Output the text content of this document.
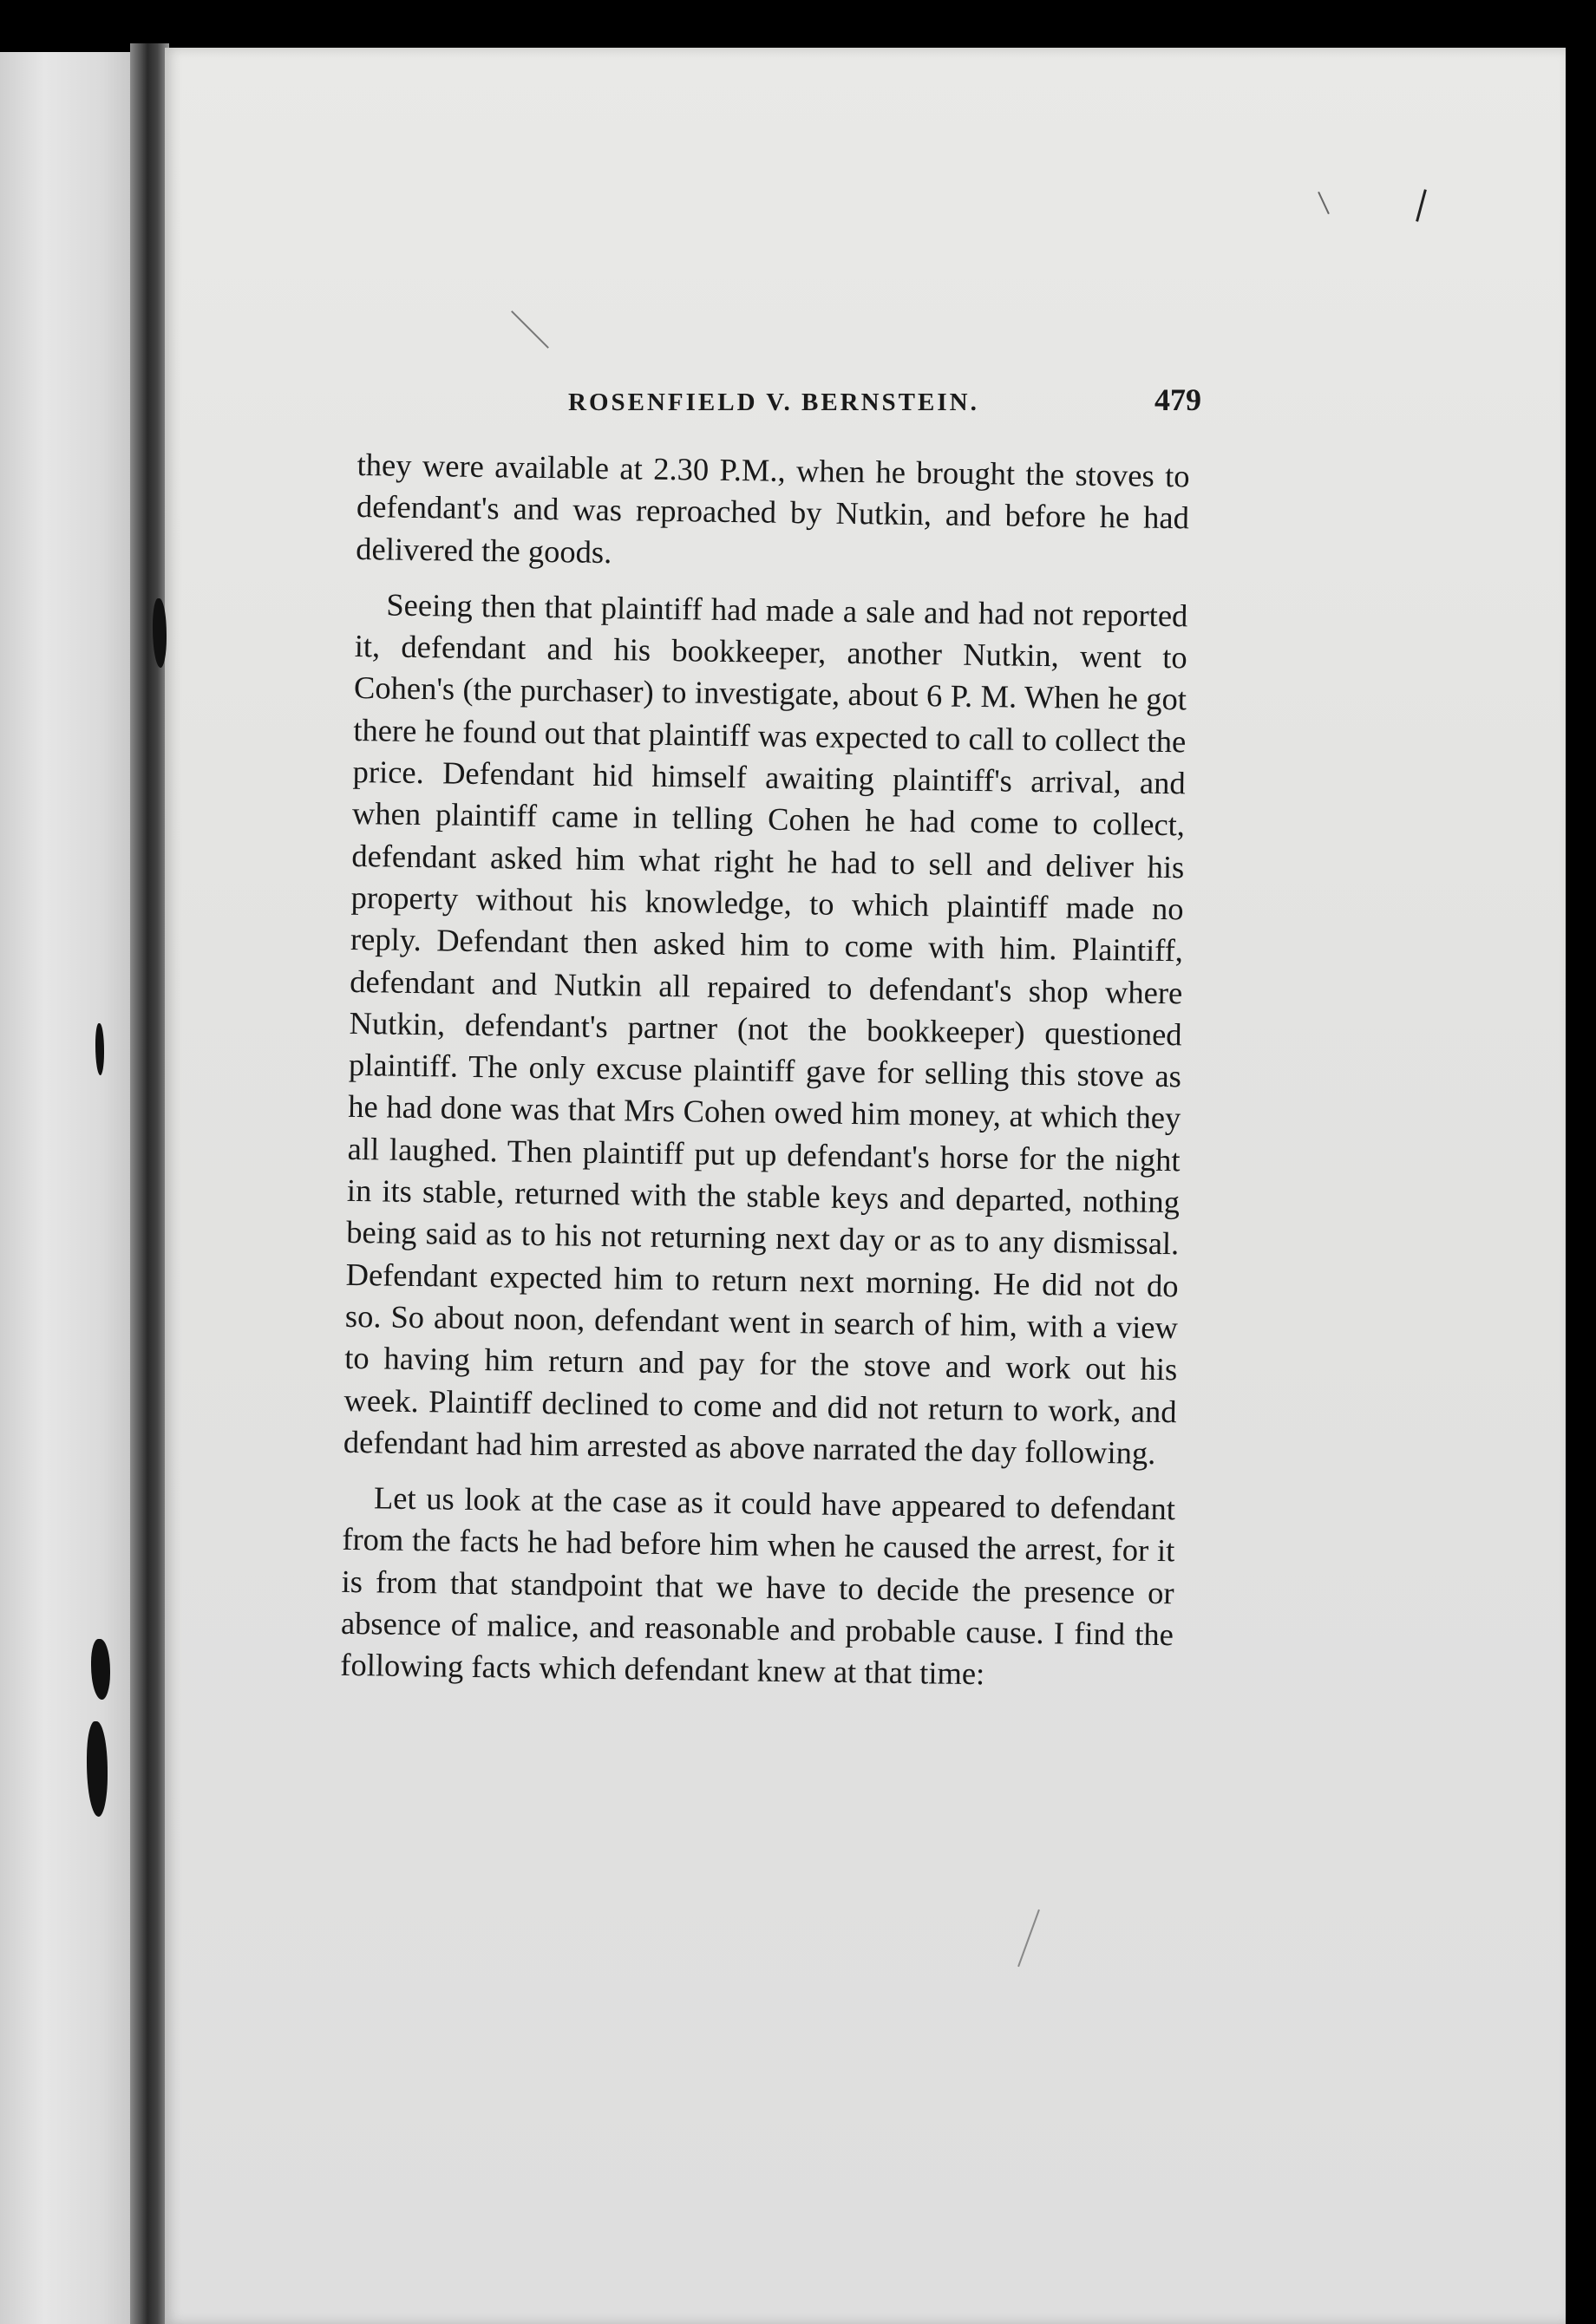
ROSENFIELD V. BERNSTEIN.	479

they were available at 2.30 P.M., when he brought the stoves to defendant's and was reproached by Nutkin, and before he had delivered the goods.

Seeing then that plaintiff had made a sale and had not reported it, defendant and his bookkeeper, another Nutkin, went to Cohen's (the purchaser) to investigate, about 6 P. M. When he got there he found out that plaintiff was expected to call to collect the price. Defendant hid himself awaiting plaintiff's arrival, and when plaintiff came in telling Cohen he had come to collect, defendant asked him what right he had to sell and deliver his property without his knowledge, to which plaintiff made no reply. Defendant then asked him to come with him. Plaintiff, defendant and Nutkin all repaired to defendant's shop where Nutkin, defendant's partner (not the bookkeeper) questioned plaintiff. The only excuse plaintiff gave for selling this stove as he had done was that Mrs Cohen owed him money, at which they all laughed. Then plaintiff put up defendant's horse for the night in its stable, returned with the stable keys and departed, nothing being said as to his not returning next day or as to any dismissal. Defendant expected him to return next morning. He did not do so. So about noon, defendant went in search of him, with a view to having him return and pay for the stove and work out his week. Plaintiff declined to come and did not return to work, and defendant had him arrested as above narrated the day following.

Let us look at the case as it could have appeared to defendant from the facts he had before him when he caused the arrest, for it is from that standpoint that we have to decide the presence or absence of malice, and reasonable and probable cause. I find the following facts which defendant knew at that time:
